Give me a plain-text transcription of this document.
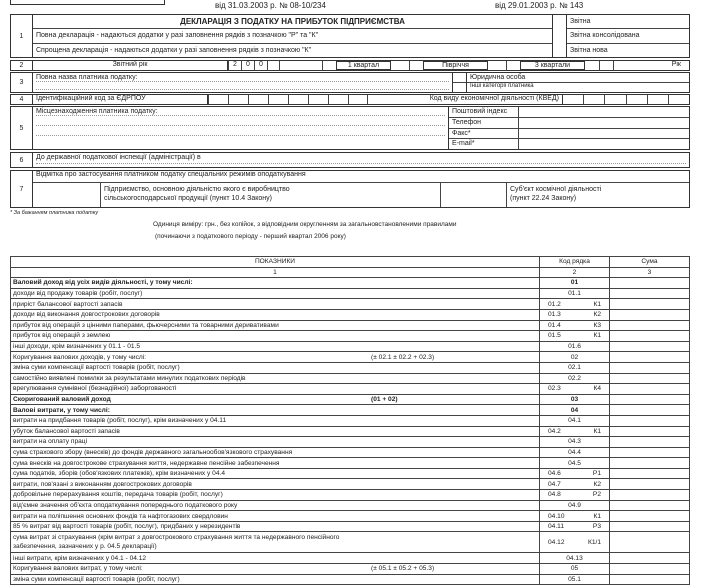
від 31.03.2003 р. № 08-10/234	від 29.01.2003 р. № 143
1
ДЕКЛАРАЦІЯ З ПОДАТКУ НА ПРИБУТОК ПІДПРИЄМСТВА
Повна декларація - надаються додатки у разі заповнення рядків з позначкою "Р" та "К"
Спрощена декларація - надаються додатки у разі заповнення рядків з позначкою "К"
Звітна
Звітна консолідована
Звітна нова
2	Звітний рік	2	0	0	1 квартал	Півріччя	3 квартали	Рік
3
Повна назва платника податку:	Юридична особа
Інші категорії платника
4	Ідентифікаційний код за ЄДРПОУ	Код виду економічної діяльності (КВЕД)
5
Місцезнаходження платника податку:	Поштовий індекс
Телефон
Факс*
E-mail*
6	До державної податкової інспекції (адміністрації) в
7
Відмітка про застосування платником податку спеціальних режимів оподаткування
Підприємство, основною діяльністю якого є виробництво
сільськогосподарської продукції (пункт 10.4 Закону)
Суб'єкт космічної діяльності
(пункт 22.24 Закону)
* За бажанням платника податку
Одиниця виміру: грн., без копійок, з відповідним округленням за загальновстановленими правилами
(починаючи з податкового періоду - перший квартал 2006 року)
ПОКАЗНИКИ	Код рядка	Сума
1	2	3
Валовий доход від усіх видів діяльності, у тому числі:	01	
доходи від продажу товарів (робіт, послуг)	01.1	
приріст балансової вартості запасів	01.2 К1	

доходи від виконання довгострокових договорів	01.3 К2	

прибуток від операцій з цінними паперами, фьючерсними та товарними деривативами	01.4 К3	

прибуток від операцій з землею	01.5 К1	

інші доходи, крім визначених у 01.1 - 01.5	01.6	
Коригування валових доходів, у тому числі: (± 02.1 ± 02.2 + 02.3)	02	
зміна суми компенсації вартості товарів (робіт, послуг)	02.1	
самостійно виявлені помилки за результатами минулих податкових періодів	02.2	
врегулювання сумнівної (безнадійної) заборгованості	02.3 К4	

Скоригований валовий доход (01 + 02)	03	
Валові витрати, у тому числі:	04	
витрати на придбання товарів (робіт, послуг), крім визначених у 04.11	04.1	
убуток балансової вартості запасів	04.2 К1	

витрати на оплату праці	04.3	
сума страхового збору (внесків) до фондів державного загальнообов'язкового страхування	04.4	
сума внесків на довгострокове страхування життя, недержавне пенсійне забезпечення	04.5	
сума податків, зборів (обов'язкових платежів), крім визначених у 04.4	04.6 Р1	

витрати, пов'язані з виконанням довгострокових договорів	04.7 К2	

добровільне перерахування коштів, передача товарів (робіт, послуг)	04.8 Р2	

від'ємне значення об'єкта оподаткування попереднього податкового року	04.9	
витрати на поліпшення основних фондів та нафтогазових свердловин	04.10 К1	

85 % витрат від вартості товарів (робіт, послуг), придбаних у нерезидентів	04.11 Р3	

сума витрат зі страхування (крім витрат з довгострокового страхування життя та недержавного пенсійного
забезпечення, зазначених у р. 04.5 декларації)	04.12 К1/1	

інші витрати, крім визначених у 04.1 - 04.12	04.13	
Коригування валових витрат, у тому числі: (± 05.1 ± 05.2 + 05.3)	05	
зміна суми компенсації вартості товарів (робіт, послуг)	05.1	
